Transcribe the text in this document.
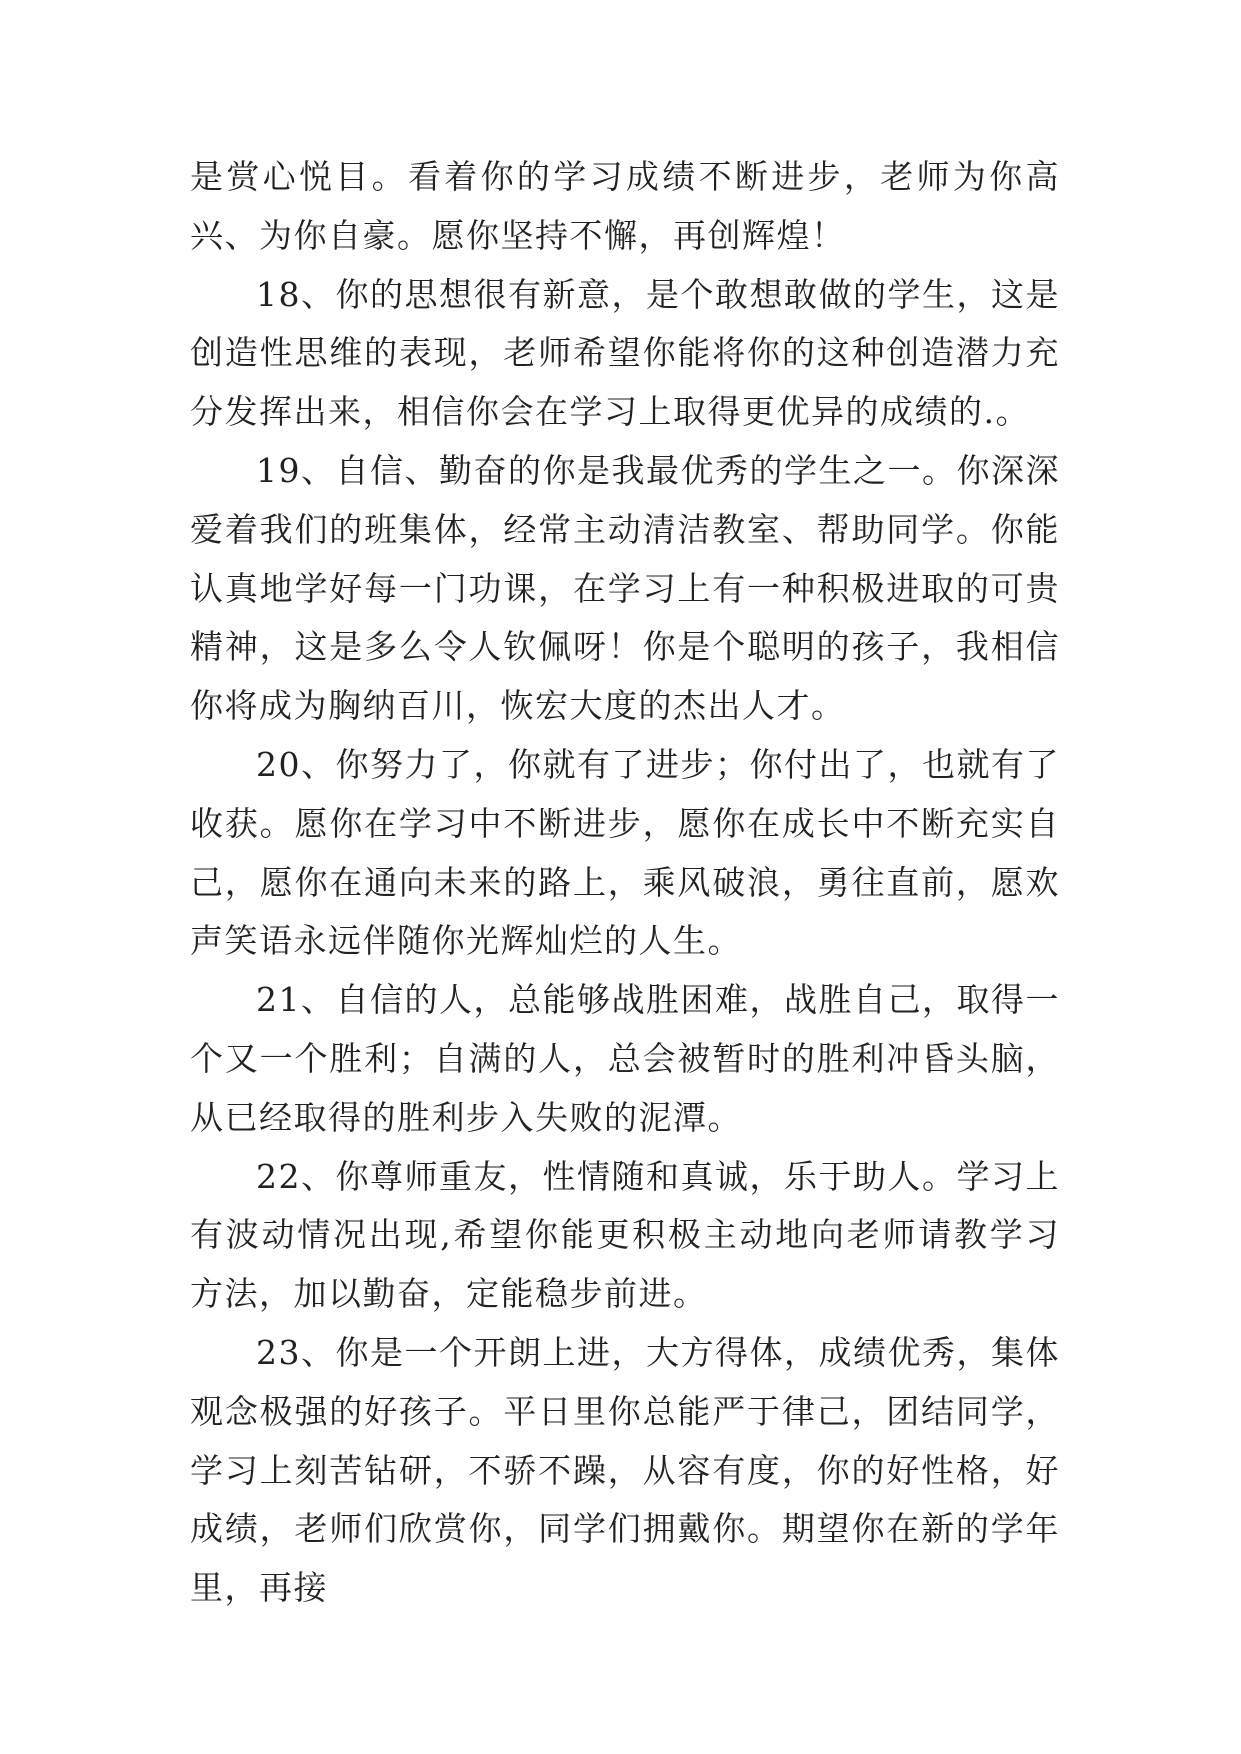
是赏心悦目。看着你的学习成绩不断进步，老师为你高兴、为你自豪。愿你坚持不懈，再创辉煌！

18、你的思想很有新意，是个敢想敢做的学生，这是创造性思维的表现，老师希望你能将你的这种创造潜力充分发挥出来，相信你会在学习上取得更优异的成绩的.。

19、自信、勤奋的你是我最优秀的学生之一。你深深爱着我们的班集体，经常主动清洁教室、帮助同学。你能认真地学好每一门功课，在学习上有一种积极进取的可贵精神，这是多么令人钦佩呀！你是个聪明的孩子，我相信你将成为胸纳百川，恢宏大度的杰出人才。

20、你努力了，你就有了进步；你付出了，也就有了收获。愿你在学习中不断进步，愿你在成长中不断充实自己，愿你在通向未来的路上，乘风破浪，勇往直前，愿欢声笑语永远伴随你光辉灿烂的人生。

21、自信的人，总能够战胜困难，战胜自己，取得一个又一个胜利；自满的人，总会被暂时的胜利冲昏头脑，从已经取得的胜利步入失败的泥潭。

22、你尊师重友，性情随和真诚，乐于助人。学习上有波动情况出现,希望你能更积极主动地向老师请教学习方法，加以勤奋，定能稳步前进。

23、你是一个开朗上进，大方得体，成绩优秀，集体观念极强的好孩子。平日里你总能严于律己，团结同学，学习上刻苦钻研，不骄不躁，从容有度，你的好性格，好成绩，老师们欣赏你，同学们拥戴你。期望你在新的学年里，再接
